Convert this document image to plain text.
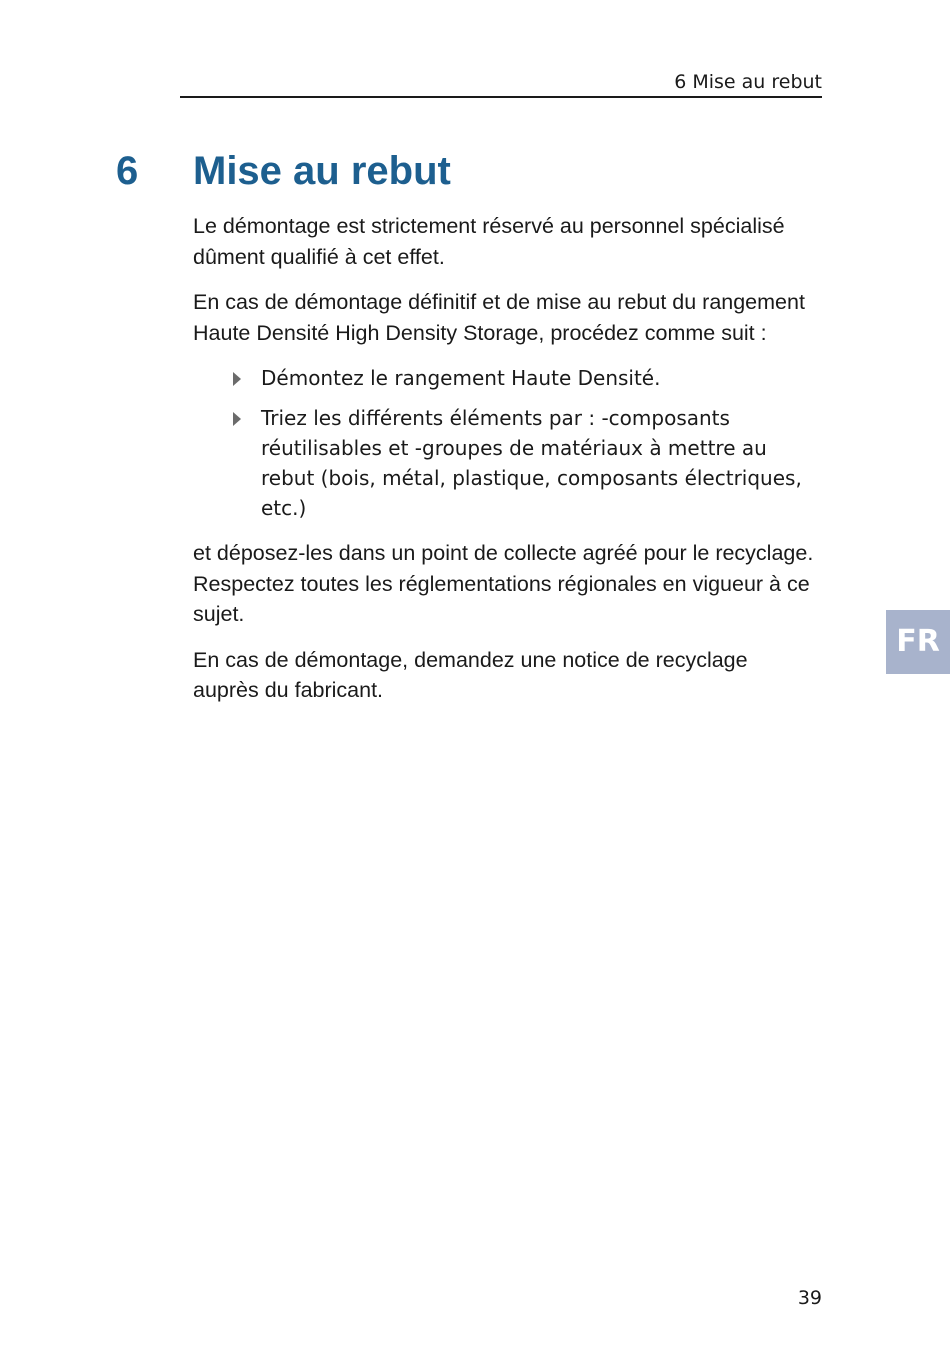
6 Mise au rebut
6 Mise au rebut

Le démontage est strictement réservé au personnel spécialisé dûment qualifié à cet effet.

En cas de démontage définitif et de mise au rebut du rangement Haute Densité High Density Storage, procédez comme suit :

Démontez le rangement Haute Densité.
Triez les différents éléments par : -composants réutilisables et -groupes de matériaux à mettre au rebut (bois, métal, plastique, composants électriques, etc.)

et déposez-les dans un point de collecte agréé pour le recyclage. Respectez toutes les réglementations régionales en vigueur à ce sujet.

En cas de démontage, demandez une notice de recyclage auprès du fabricant.

FR
39
